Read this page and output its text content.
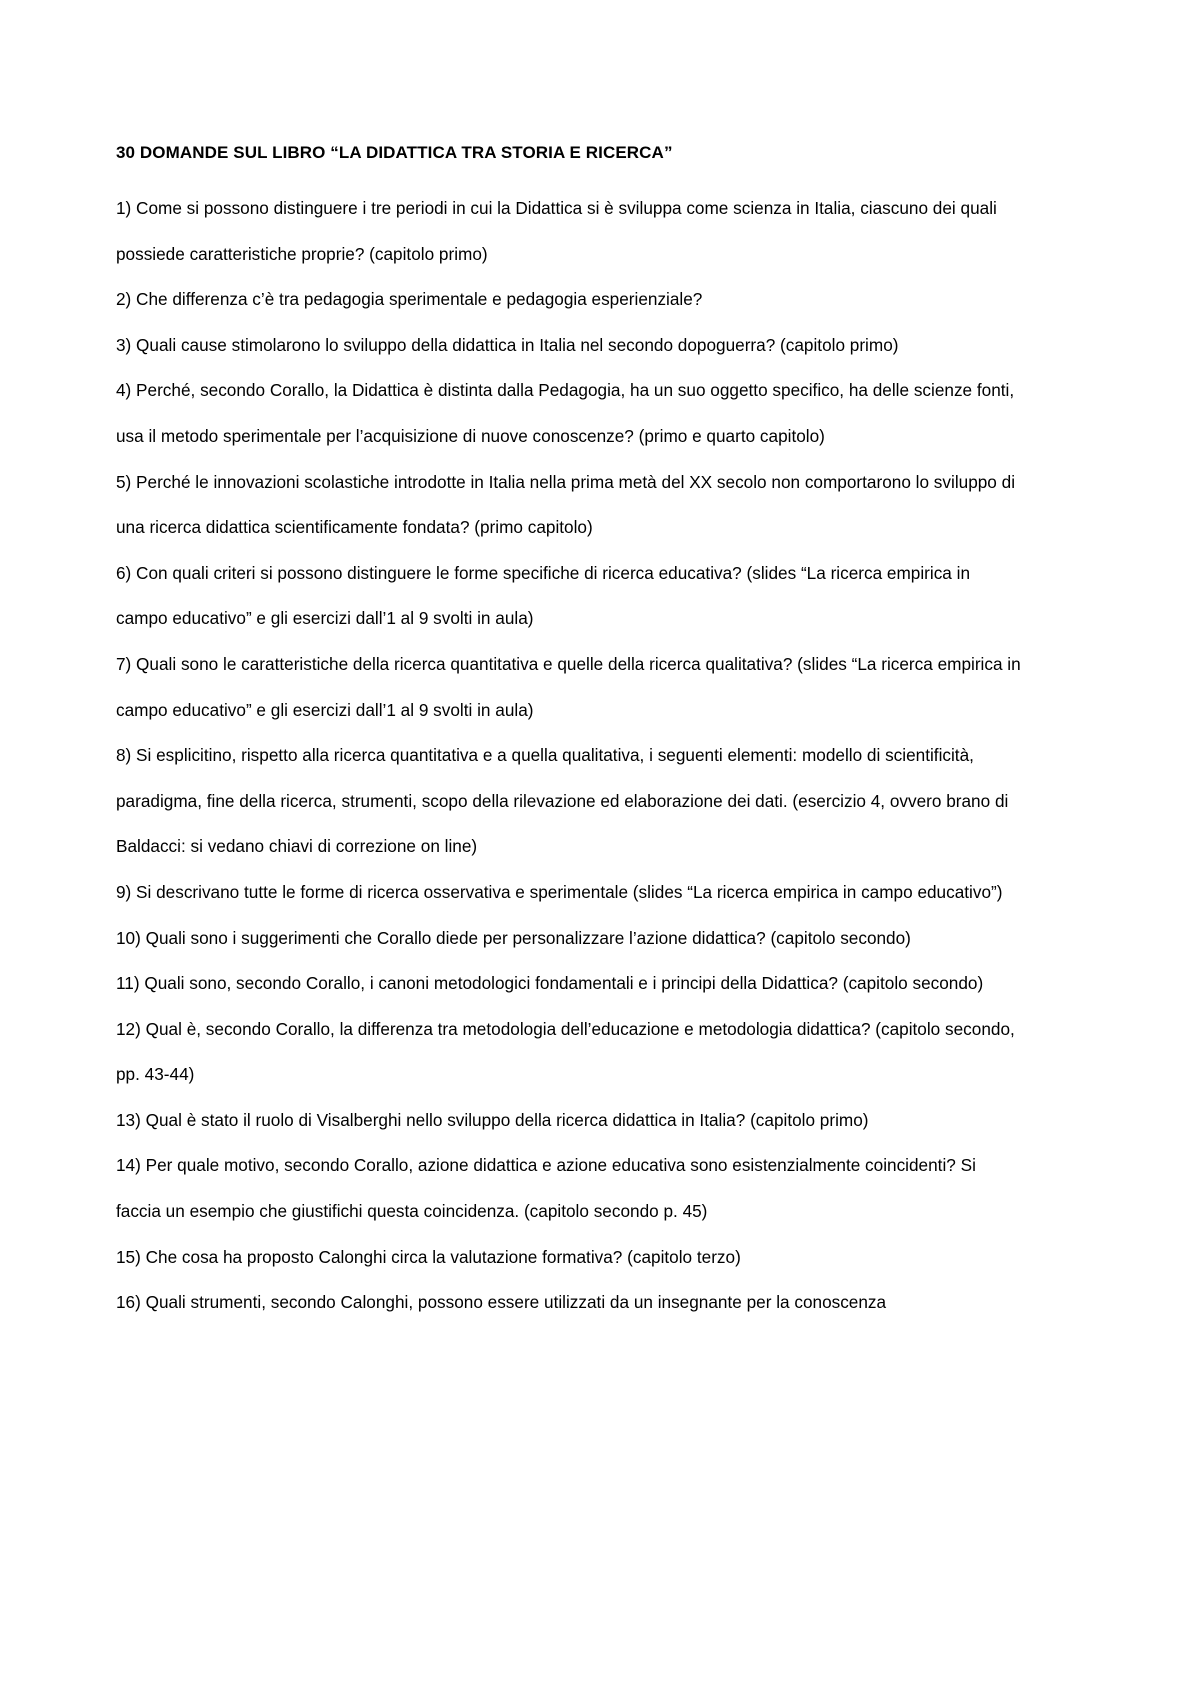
30 DOMANDE SUL LIBRO “LA DIDATTICA TRA STORIA E RICERCA”
1) Come si possono distinguere i tre periodi in cui la Didattica si è sviluppa come scienza in Italia, ciascuno dei quali possiede caratteristiche proprie? (capitolo primo)
2) Che differenza c’è tra pedagogia sperimentale e pedagogia esperienziale?
3) Quali cause stimolarono lo sviluppo della didattica in Italia nel secondo dopoguerra? (capitolo primo)
4) Perché, secondo Corallo, la Didattica è distinta dalla Pedagogia, ha un suo oggetto specifico, ha delle scienze fonti, usa il metodo sperimentale per l’acquisizione di nuove conoscenze? (primo e quarto capitolo)
5) Perché le innovazioni scolastiche introdotte in Italia nella prima metà del XX secolo non comportarono lo sviluppo di una ricerca didattica scientificamente fondata? (primo capitolo)
6) Con quali criteri si possono distinguere le forme specifiche di ricerca educativa? (slides “La ricerca empirica in campo educativo” e gli esercizi dall’1 al 9 svolti in aula)
7) Quali sono le caratteristiche della ricerca quantitativa e quelle della ricerca qualitativa? (slides “La ricerca empirica in campo educativo” e gli esercizi dall’1 al 9 svolti in aula)
8) Si esplicitino, rispetto alla ricerca quantitativa e a quella qualitativa, i seguenti elementi: modello di scientificità, paradigma, fine della ricerca, strumenti, scopo della rilevazione ed elaborazione dei dati. (esercizio 4, ovvero brano di Baldacci: si vedano chiavi di correzione on line)
9) Si descrivano tutte le forme di ricerca osservativa e sperimentale (slides “La ricerca empirica in campo educativo”)
10) Quali sono i suggerimenti che Corallo diede per personalizzare l’azione didattica? (capitolo secondo)
11) Quali sono, secondo Corallo, i canoni metodologici fondamentali e i principi della Didattica? (capitolo secondo)
12) Qual è, secondo Corallo, la differenza tra metodologia dell’educazione e metodologia didattica? (capitolo secondo, pp. 43-44)
13) Qual è stato il ruolo di Visalberghi nello sviluppo della ricerca didattica in Italia? (capitolo primo)
14) Per quale motivo, secondo Corallo, azione didattica e azione educativa sono esistenzialmente coincidenti? Si faccia un esempio che giustifichi questa coincidenza. (capitolo secondo p. 45)
15) Che cosa ha proposto Calonghi circa la valutazione formativa? (capitolo terzo)
16) Quali strumenti, secondo Calonghi, possono essere utilizzati da un insegnante per la conoscenza
